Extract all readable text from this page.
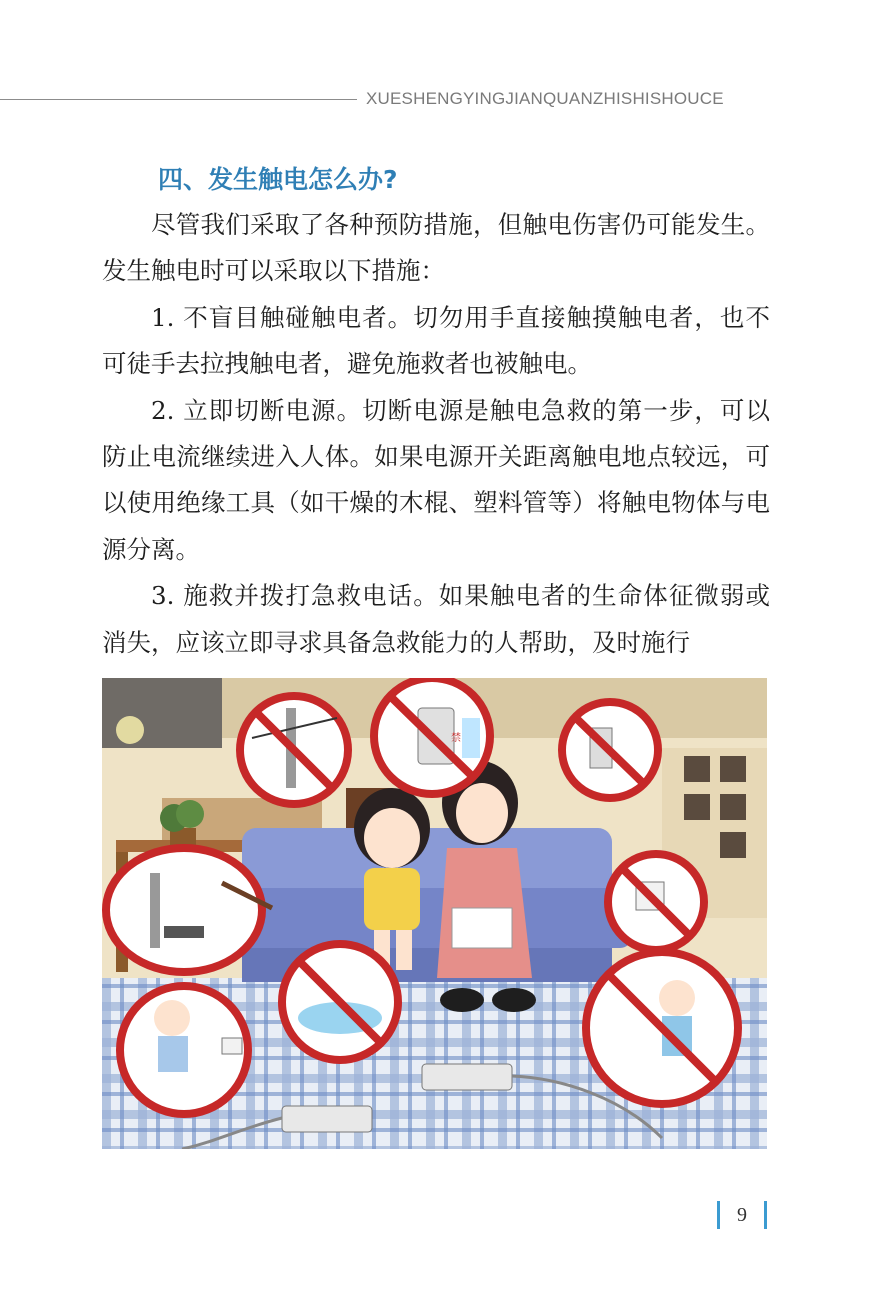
XUESHENGYINGJIANQUANZHISHISHOUCE
四、发生触电怎么办?

尽管我们采取了各种预防措施，但触电伤害仍可能发生。发生触电时可以采取以下措施：

1. 不盲目触碰触电者。切勿用手直接触摸触电者，也不可徒手去拉拽触电者，避免施救者也被触电。

2. 立即切断电源。切断电源是触电急救的第一步，可以防止电流继续进入人体。如果电源开关距离触电地点较远，可以使用绝缘工具（如干燥的木棍、塑料管等）将触电物体与电源分离。

3. 施救并拨打急救电话。如果触电者的生命体征微弱或消失，应该立即寻求具备急救能力的人帮助，及时施行

禁
9
